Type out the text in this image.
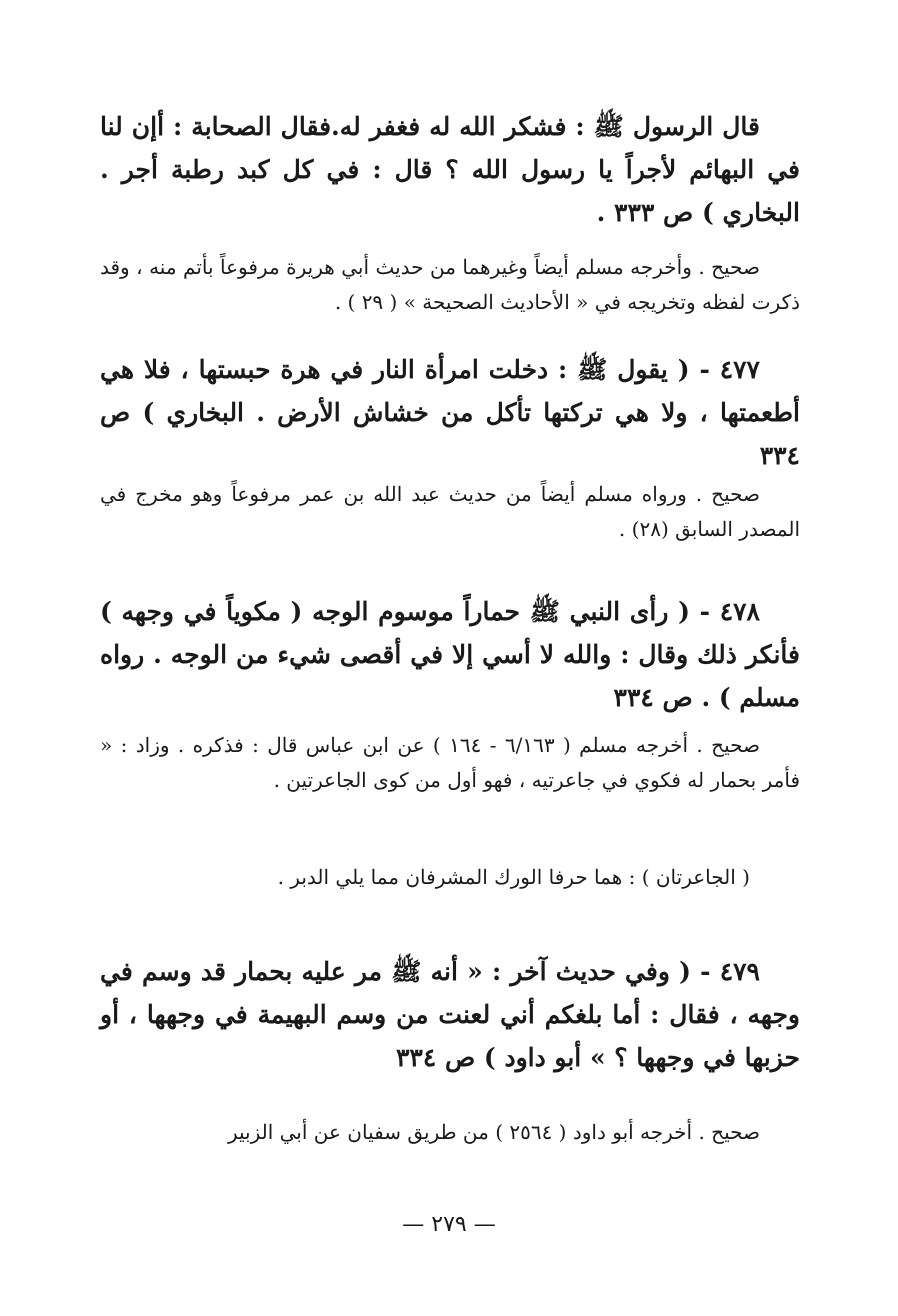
قال الرسول ﷺ : فشكر الله له فغفر له.فقال الصحابة : أإن لنا في البهائم لأجراً يا رسول الله ؟ قال : في كل كبد رطبة أجر . البخاري ) ص ٣٣٣ .

صحيح . وأخرجه مسلم أيضاً وغيرهما من حديث أبي هريرة مرفوعاً بأتم منه ، وقد ذكرت لفظه وتخريجه في « الأحاديث الصحيحة » ( ٢٩ ) .

٤٧٧ - ( يقول ﷺ : دخلت امرأة النار في هرة حبستها ، فلا هي أطعمتها ، ولا هي تركتها تأكل من خشاش الأرض . البخاري ) ص ٣٣٤

صحيح . ورواه مسلم أيضاً من حديث عبد الله بن عمر مرفوعاً وهو مخرج في المصدر السابق (٢٨) .

٤٧٨ - ( رأى النبي ﷺ حماراً موسوم الوجه ( مكوياً في وجهه ) فأنكر ذلك وقال : والله لا أسي إلا في أقصى شيء من الوجه . رواه مسلم ) . ص ٣٣٤

صحيح . أخرجه مسلم ( ٦/١٦٣ - ١٦٤ ) عن ابن عباس قال : فذكره . وزاد : « فأمر بحمار له فكوي في جاعرتيه ، فهو أول من كوى الجاعرتين .

( الجاعرتان ) : هما حرفا الورك المشرفان مما يلي الدبر .

٤٧٩ - ( وفي حديث آخر : « أنه ﷺ مر عليه بحمار قد وسم في وجهه ، فقال : أما بلغكم أني لعنت من وسم البهيمة في وجهها ، أو حزبها في وجهها ؟ » أبو داود ) ص ٣٣٤

صحيح . أخرجه أبو داود ( ٢٥٦٤ ) من طريق سفيان عن أبي الزبير

— ٢٧٩ —
